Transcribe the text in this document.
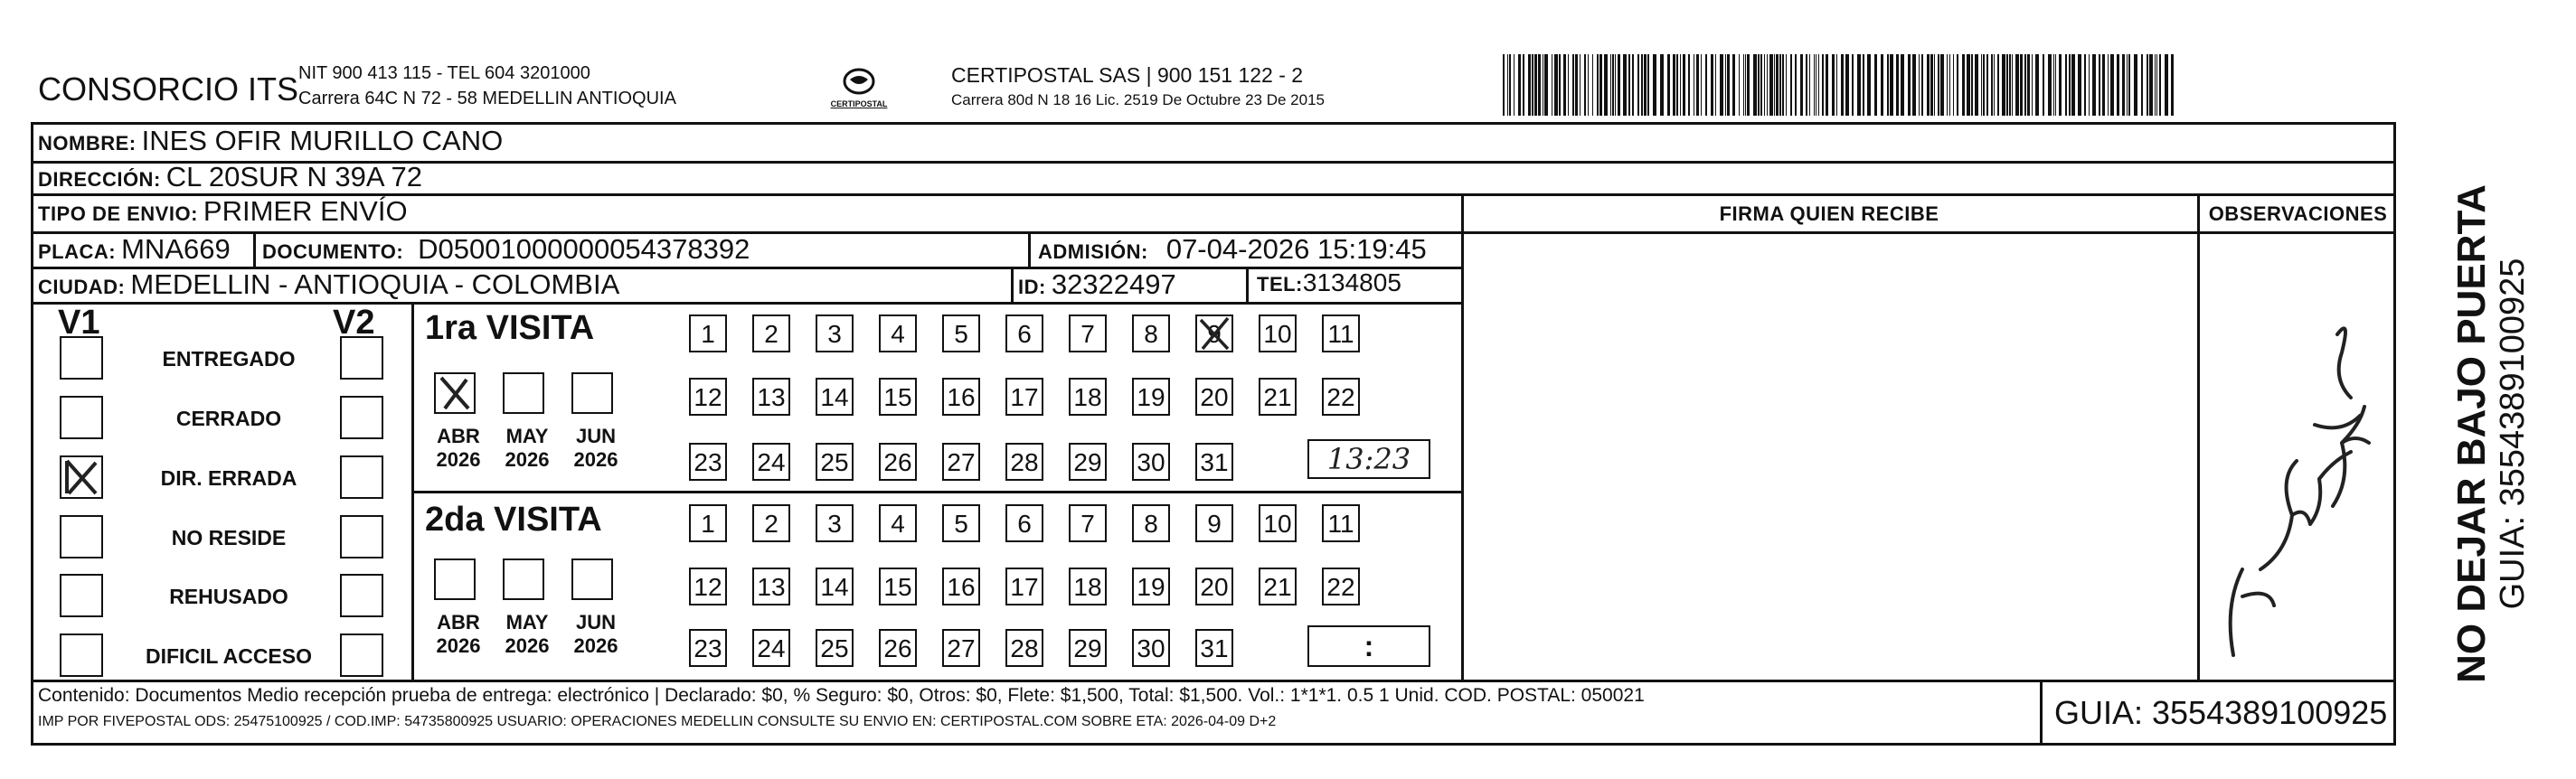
CONSORCIO ITS NIT 900 413 115 - TEL 604 3201000
Carrera 64C N 72 - 58 MEDELLIN ANTIOQUIA	CERTIPOSTAL
CERTIPOSTAL SAS | 900 151 122 - 2
Carrera 80d N 18 16 Lic. 2519 De Octubre 23 De 2015
NOMBRE: INES OFIR MURILLO CANO
DIRECCIÓN: CL 20SUR N 39A 72
TIPO DE ENVIO: PRIMER ENVÍO	FIRMA QUIEN RECIBE	OBSERVACIONES
PLACA: MNA669 DOCUMENTO: D05001000000054378392	ADMISIÓN: 07-04-2026 15:19:45
CIUDAD: MEDELLIN - ANTIOQUIA - COLOMBIA	ID: 32322497	TEL: 3134805
V1	V2
ENTREGADO
CERRADO
DIR. ERRADA
NO RESIDE
REHUSADO
DIFICIL ACCESO
1ra VISITA
2da VISITA
ABR
2026
MAY
2026
JUN
2026
ABR
2026
MAY
2026
JUN
2026
1 2 3 4 5 6 7 8 9 10 11
12 13 14 15 16 17 18 19 20 21 22
23 24 25 26 27 28 29 30 31
1 2 3 4 5 6 7 8 9 10 11
12 13 14 15 16 17 18 19 20 21 22
23 24 25 26 27 28 29 30 31
13:23
:
Contenido: Documentos Medio recepción prueba de entrega: electrónico | Declarado: $0, % Seguro: $0, Otros: $0, Flete: $1,500, Total: $1,500. Vol.: 1*1*1. 0.5 1 Unid. COD. POSTAL: 050021
IMP POR FIVEPOSTAL ODS: 25475100925 / COD.IMP: 54735800925 USUARIO: OPERACIONES MEDELLIN CONSULTE SU ENVIO EN: CERTIPOSTAL.COM SOBRE ETA: 2026-04-09 D+2	GUIA: 3554389100925
NO DEJAR BAJO PUERTA GUIA: 3554389100925
